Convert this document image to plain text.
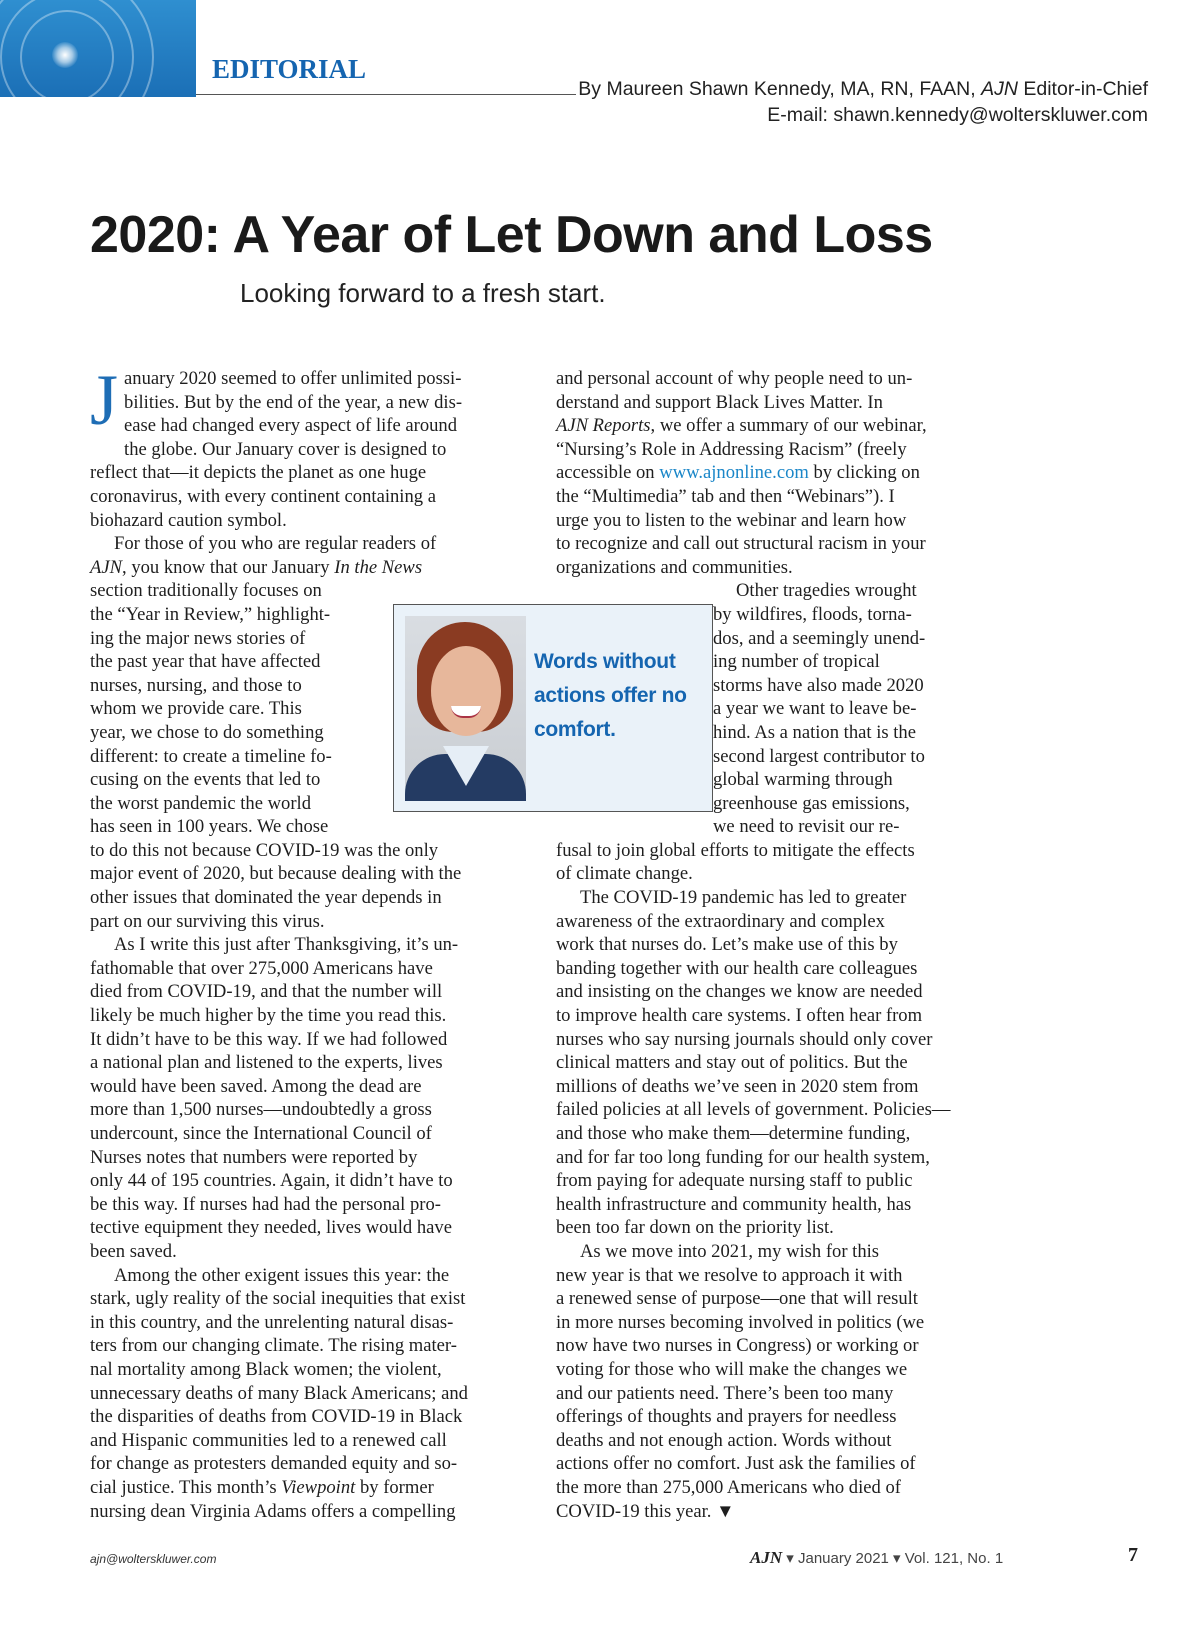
EDITORIAL
By Maureen Shawn Kennedy, MA, RN, FAAN, AJN Editor-in-Chief
E-mail: shawn.kennedy@wolterskluwer.com
2020: A Year of Let Down and Loss

Looking forward to a fresh start.

J anuary 2020 seemed to offer unlimited possi-
bilities. But by the end of the year, a new dis-
ease had changed every aspect of life around
the globe. Our January cover is designed to
reflect that—it depicts the planet as one huge
coronavirus, with every continent containing a
biohazard caution symbol.

For those of you who are regular readers of
AJN, you know that our January In the News
section traditionally focuses on
the “Year in Review,” highlight-
ing the major news stories of
the past year that have affected
nurses, nursing, and those to
whom we provide care. This
year, we chose to do something
different: to create a timeline fo-
cusing on the events that led to
the worst pandemic the world
has seen in 100 years. We chose
to do this not because COVID-19 was the only
major event of 2020, but because dealing with the
other issues that dominated the year depends in
part on our surviving this virus.

As I write this just after Thanksgiving, it’s un-
fathomable that over 275,000 Americans have
died from COVID-19, and that the number will
likely be much higher by the time you read this.
It didn’t have to be this way. If we had followed
a national plan and listened to the experts, lives
would have been saved. Among the dead are
more than 1,500 nurses—undoubtedly a gross
undercount, since the International Council of
Nurses notes that numbers were reported by
only 44 of 195 countries. Again, it didn’t have to
be this way. If nurses had had the personal pro-
tective equipment they needed, lives would have
been saved.

Among the other exigent issues this year: the
stark, ugly reality of the social inequities that exist
in this country, and the unrelenting natural disas-
ters from our changing climate. The rising mater-
nal mortality among Black women; the violent,
unnecessary deaths of many Black Americans; and
the disparities of deaths from COVID-19 in Black
and Hispanic communities led to a renewed call
for change as protesters demanded equity and so-
cial justice. This month’s Viewpoint by former
nursing dean Virginia Adams offers a compelling

and personal account of why people need to un-
derstand and support Black Lives Matter. In
AJN Reports, we offer a summary of our webinar,
“Nursing’s Role in Addressing Racism” (freely
accessible on www.ajnonline.com by clicking on
the “Multimedia” tab and then “Webinars”). I
urge you to listen to the webinar and learn how
to recognize and call out structural racism in your
organizations and communities.

Other tragedies wrought
by wildfires, floods, torna-
dos, and a seemingly unend-
ing number of tropical
storms have also made 2020
a year we want to leave be-
hind. As a nation that is the
second largest contributor to
global warming through
greenhouse gas emissions,
we need to revisit our re-
fusal to join global efforts to mitigate the effects
of climate change.

The COVID-19 pandemic has led to greater
awareness of the extraordinary and complex
work that nurses do. Let’s make use of this by
banding together with our health care colleagues
and insisting on the changes we know are needed
to improve health care systems. I often hear from
nurses who say nursing journals should only cover
clinical matters and stay out of politics. But the
millions of deaths we’ve seen in 2020 stem from
failed policies at all levels of government. Policies—
and those who make them—determine funding,
and for far too long funding for our health system,
from paying for adequate nursing staff to public
health infrastructure and community health, has
been too far down on the priority list.

As we move into 2021, my wish for this
new year is that we resolve to approach it with
a renewed sense of purpose—one that will result
in more nurses becoming involved in politics (we
now have two nurses in Congress) or working or
voting for those who will make the changes we
and our patients need. There’s been too many
offerings of thoughts and prayers for needless
deaths and not enough action. Words without
actions offer no comfort. Just ask the families of
the more than 275,000 Americans who died of
COVID-19 this year. ▼

Words without actions offer no comfort.
ajn@wolterskluwer.com	AJN ▾ January 2021 ▾ Vol. 121, No. 1	7
